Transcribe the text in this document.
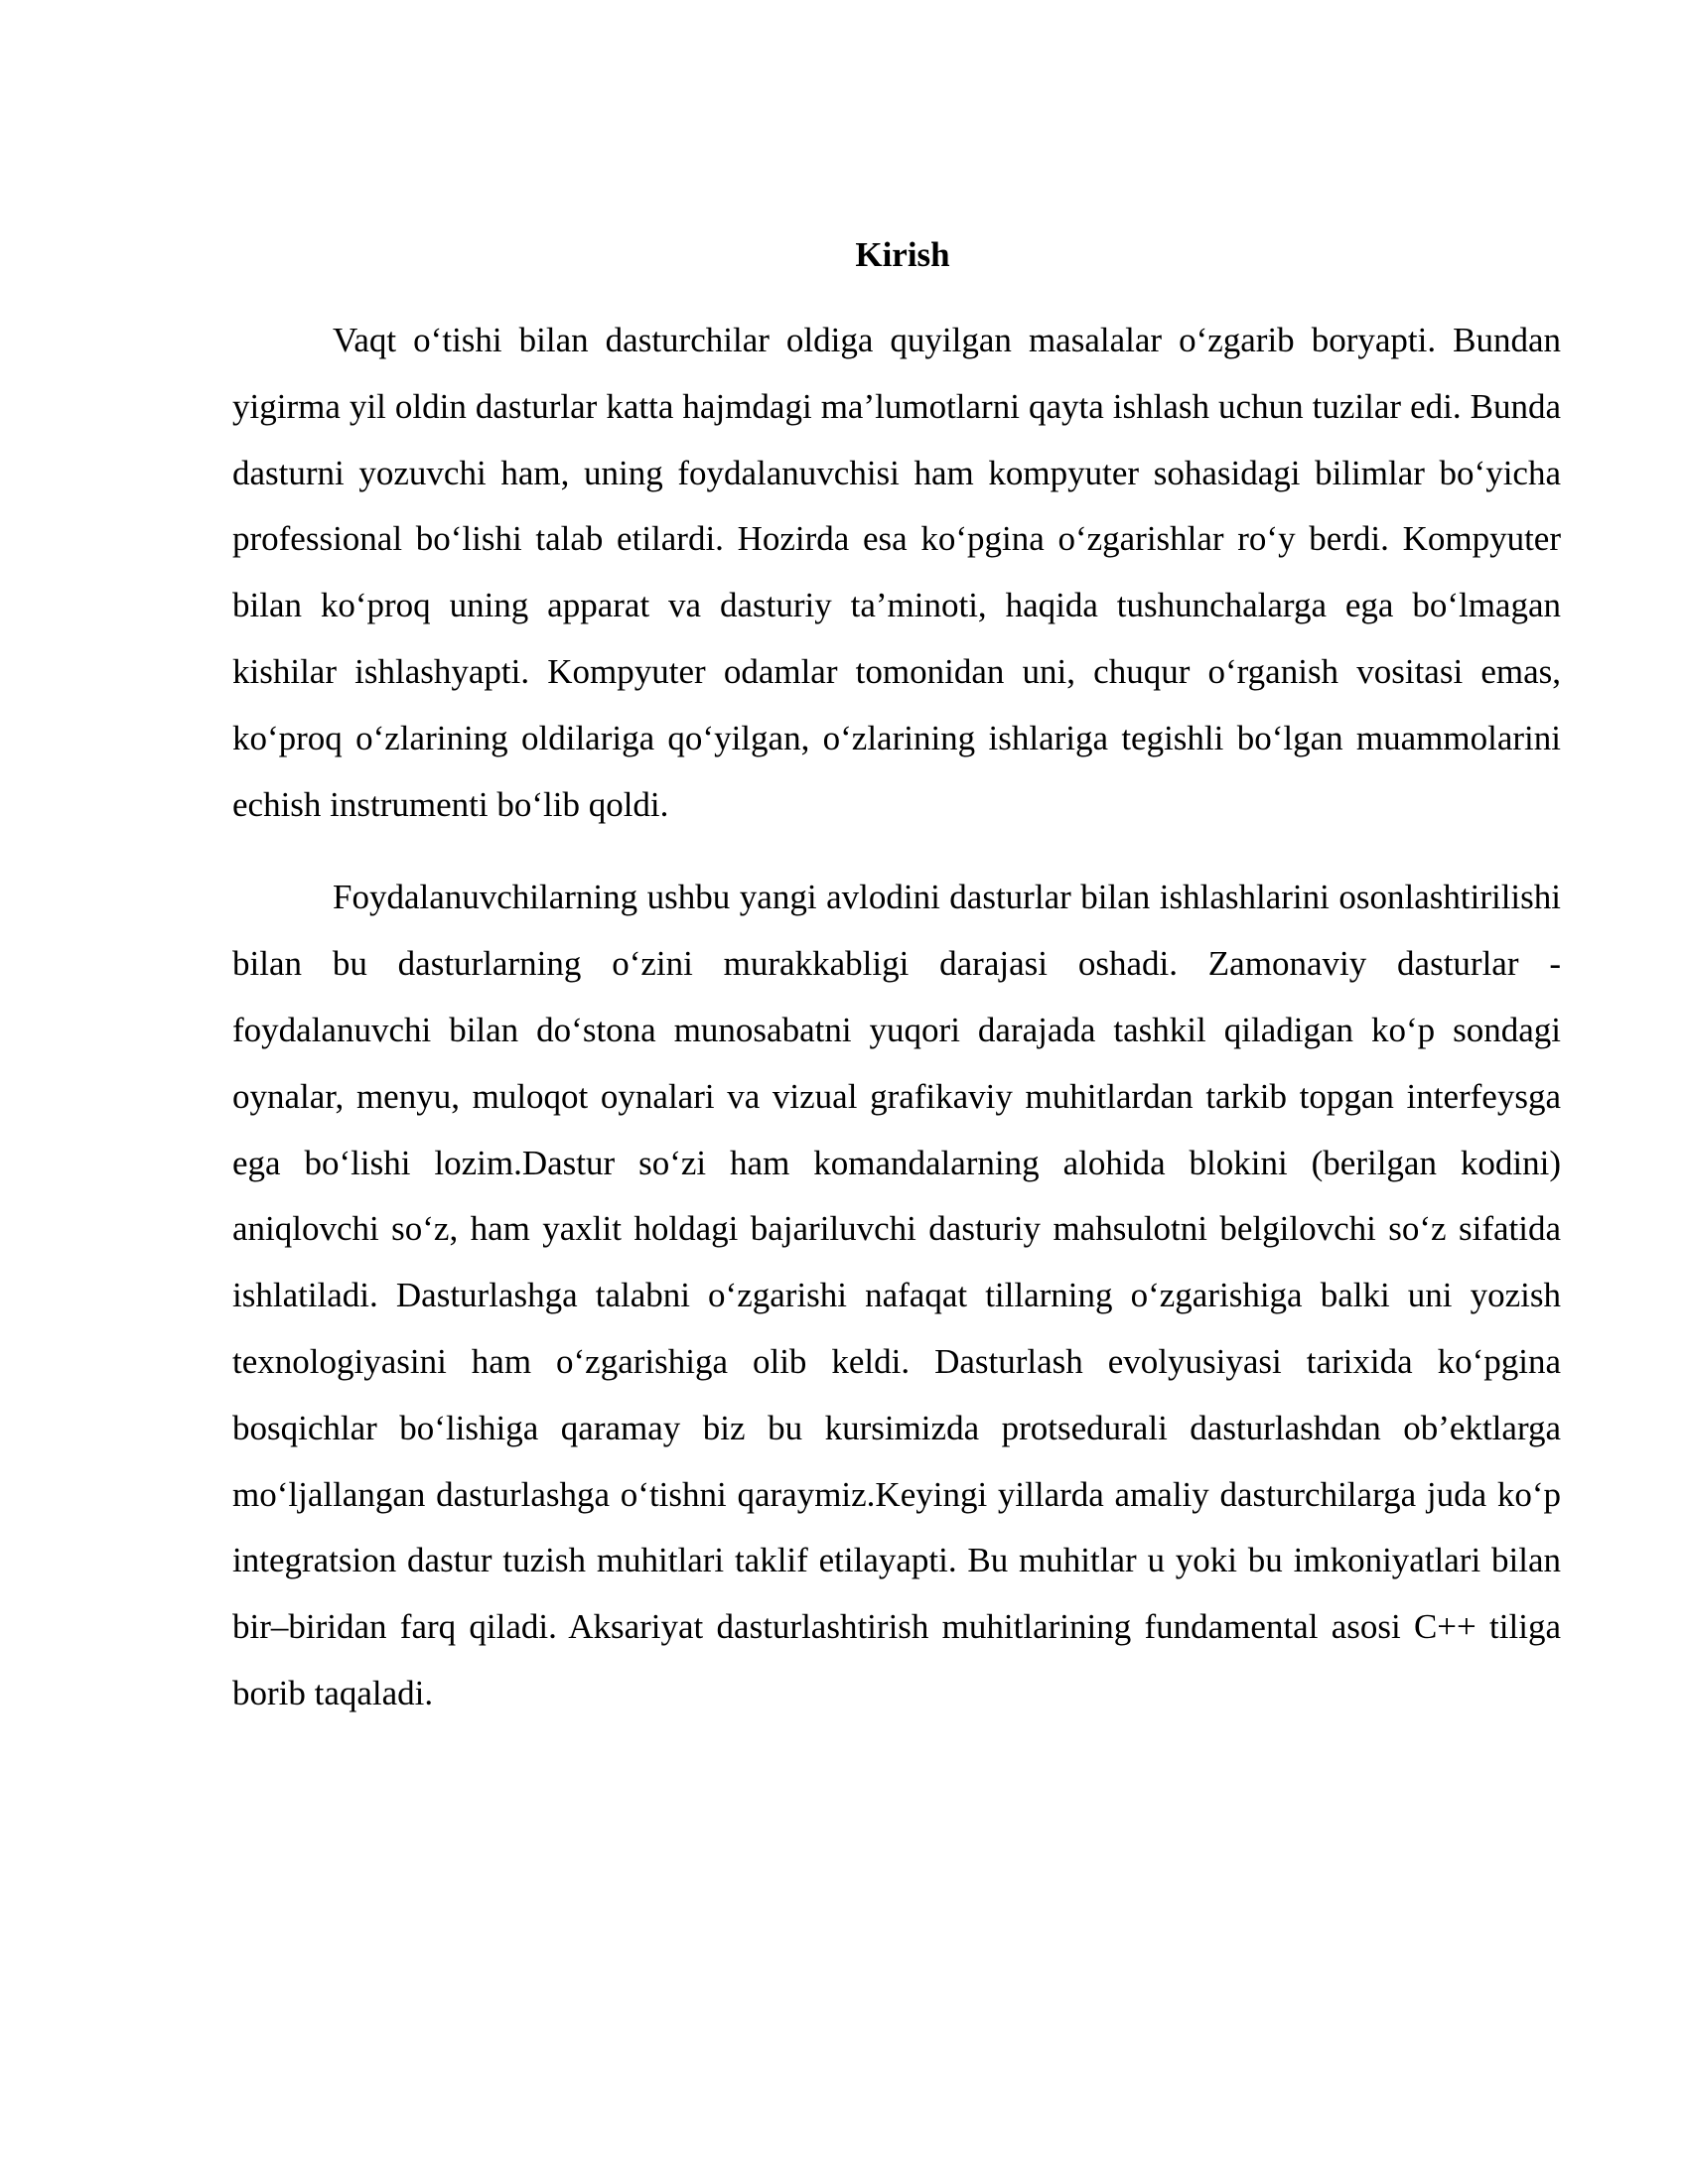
Kirish

Vaqt o‘tishi bilan dasturchilar oldiga quyilgan masalalar o‘zgarib boryapti. Bundan yigirma yil oldin dasturlar katta hajmdagi ma’lumotlarni qayta ishlash uchun tuzilar edi. Bunda dasturni yozuvchi ham, uning foydalanuvchisi ham kompyuter sohasidagi bilimlar bo‘yicha professional bo‘lishi talab etilardi. Hozirda esa ko‘pgina o‘zgarishlar ro‘y berdi. Kompyuter bilan ko‘proq uning apparat va dasturiy ta’minoti, haqida tushunchalarga ega bo‘lmagan kishilar ishlashyapti. Kompyuter odamlar tomonidan uni, chuqur o‘rganish vositasi emas, ko‘proq o‘zlarining oldilariga qo‘yilgan, o‘zlarining ishlariga tegishli bo‘lgan muammolarini echish instrumenti bo‘lib qoldi.

Foydalanuvchilarning ushbu yangi avlodini dasturlar bilan ishlashlarini osonlashtirilishi bilan bu dasturlarning o‘zini murakkabligi darajasi oshadi. Zamonaviy dasturlar - foydalanuvchi bilan do‘stona munosabatni yuqori darajada tashkil qiladigan ko‘p sondagi oynalar, menyu, muloqot oynalari va vizual grafikaviy muhitlardan tarkib topgan interfeysga ega bo‘lishi lozim.Dastur so‘zi ham komandalarning alohida blokini (berilgan kodini) aniqlovchi so‘z, ham yaxlit holdagi bajariluvchi dasturiy mahsulotni belgilovchi so‘z sifatida ishlatiladi. Dasturlashga talabni o‘zgarishi nafaqat tillarning o‘zgarishiga balki uni yozish texnologiyasini ham o‘zgarishiga olib keldi. Dasturlash evolyusiyasi tarixida ko‘pgina bosqichlar bo‘lishiga qaramay biz bu kursimizda protsedurali dasturlashdan ob’ektlarga mo‘ljallangan dasturlashga o‘tishni qaraymiz.Keyingi yillarda amaliy dasturchilarga juda ko‘p integratsion dastur tuzish muhitlari taklif etilayapti. Bu muhitlar u yoki bu imkoniyatlari bilan bir–biridan farq qiladi. Aksariyat dasturlashtirish muhitlarining fundamental asosi C++ tiliga borib taqaladi.
